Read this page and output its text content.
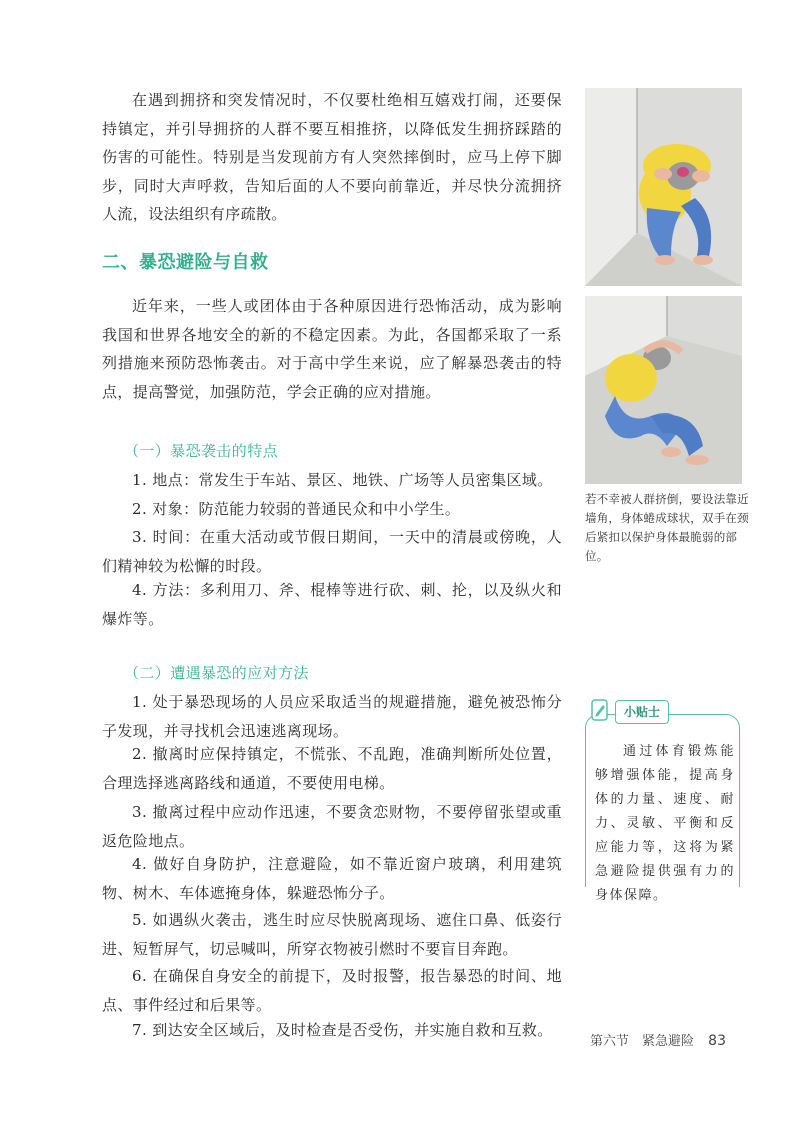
在遇到拥挤和突发情况时，不仅要杜绝相互嬉戏打闹，还要保持镇定，并引导拥挤的人群不要互相推挤，以降低发生拥挤踩踏的伤害的可能性。特别是当发现前方有人突然摔倒时，应马上停下脚步，同时大声呼救，告知后面的人不要向前靠近，并尽快分流拥挤人流，设法组织有序疏散。

二、暴恐避险与自救

近年来，一些人或团体由于各种原因进行恐怖活动，成为影响我国和世界各地安全的新的不稳定因素。为此，各国都采取了一系列措施来预防恐怖袭击。对于高中学生来说，应了解暴恐袭击的特点，提高警觉，加强防范，学会正确的应对措施。

（一）暴恐袭击的特点

1. 地点：常发生于车站、景区、地铁、广场等人员密集区域。

2. 对象：防范能力较弱的普通民众和中小学生。

3. 时间：在重大活动或节假日期间，一天中的清晨或傍晚，人们精神较为松懈的时段。

4. 方法：多利用刀、斧、棍棒等进行砍、刺、抡，以及纵火和爆炸等。

（二）遭遇暴恐的应对方法

1. 处于暴恐现场的人员应采取适当的规避措施，避免被恐怖分子发现，并寻找机会迅速逃离现场。

2. 撤离时应保持镇定，不慌张、不乱跑，准确判断所处位置，合理选择逃离路线和通道，不要使用电梯。

3. 撤离过程中应动作迅速，不要贪恋财物，不要停留张望或重返危险地点。

4. 做好自身防护，注意避险，如不靠近窗户玻璃，利用建筑物、树木、车体遮掩身体，躲避恐怖分子。

5. 如遇纵火袭击，逃生时应尽快脱离现场、遮住口鼻、低姿行进、短暂屏气，切忌喊叫，所穿衣物被引燃时不要盲目奔跑。

6. 在确保自身安全的前提下，及时报警，报告暴恐的时间、地点、事件经过和后果等。

7. 到达安全区域后，及时检查是否受伤，并实施自救和互救。

若不幸被人群挤倒，要设法靠近墙角，身体蜷成球状，双手在颈后紧扣以保护身体最脆弱的部位。

小贴士
通过体育锻炼能够增强体能，提高身体的力量、速度、耐力、灵敏、平衡和反应能力等，这将为紧急避险提供强有力的身体保障。
第六节　紧急避险 83
